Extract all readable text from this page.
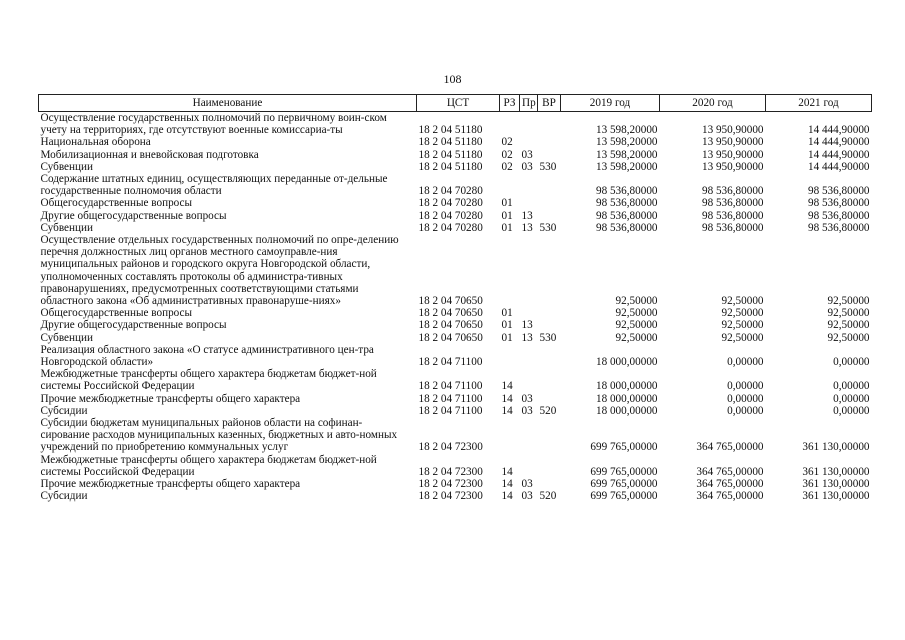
108
Наименование	ЦСТ	РЗ	Пр	ВР	2019 год	2020 год	2021 год
Осуществление государственных полномочий по первичному воин-ском учету на территориях, где отсутствуют военные комиссариа-ты	18 2 04 51180				13 598,20000	13 950,90000	14 444,90000
Национальная оборона	18 2 04 51180	02			13 598,20000	13 950,90000	14 444,90000
Мобилизационная и вневойсковая подготовка	18 2 04 51180	02	03		13 598,20000	13 950,90000	14 444,90000
Субвенции	18 2 04 51180	02	03	530	13 598,20000	13 950,90000	14 444,90000
Содержание штатных единиц, осуществляющих переданные от-дельные государственные полномочия области	18 2 04 70280				98 536,80000	98 536,80000	98 536,80000
Общегосударственные вопросы	18 2 04 70280	01			98 536,80000	98 536,80000	98 536,80000
Другие общегосударственные вопросы	18 2 04 70280	01	13		98 536,80000	98 536,80000	98 536,80000
Субвенции	18 2 04 70280	01	13	530	98 536,80000	98 536,80000	98 536,80000
Осуществление отдельных государственных полномочий по опре-делению перечня должностных лиц органов местного самоуправле-ния муниципальных районов и городского округа Новгородской области, уполномоченных составлять протоколы об администра-тивных правонарушениях, предусмотренных соответствующими статьями областного закона «Об административных правонаруше-ниях»	18 2 04 70650				92,50000	92,50000	92,50000
Общегосударственные вопросы	18 2 04 70650	01			92,50000	92,50000	92,50000
Другие общегосударственные вопросы	18 2 04 70650	01	13		92,50000	92,50000	92,50000
Субвенции	18 2 04 70650	01	13	530	92,50000	92,50000	92,50000
Реализация областного закона «О статусе административного цен-тра Новгородской области»	18 2 04 71100				18 000,00000	0,00000	0,00000
Межбюджетные трансферты общего характера бюджетам бюджет-ной системы Российской Федерации	18 2 04 71100	14			18 000,00000	0,00000	0,00000
Прочие межбюджетные трансферты общего характера	18 2 04 71100	14	03		18 000,00000	0,00000	0,00000
Субсидии	18 2 04 71100	14	03	520	18 000,00000	0,00000	0,00000
Субсидии бюджетам муниципальных районов области на софинан-сирование расходов муниципальных казенных, бюджетных и авто-номных учреждений по приобретению коммунальных услуг	18 2 04 72300				699 765,00000	364 765,00000	361 130,00000
Межбюджетные трансферты общего характера бюджетам бюджет-ной системы Российской Федерации	18 2 04 72300	14			699 765,00000	364 765,00000	361 130,00000
Прочие межбюджетные трансферты общего характера	18 2 04 72300	14	03		699 765,00000	364 765,00000	361 130,00000
Субсидии	18 2 04 72300	14	03	520	699 765,00000	364 765,00000	361 130,00000
